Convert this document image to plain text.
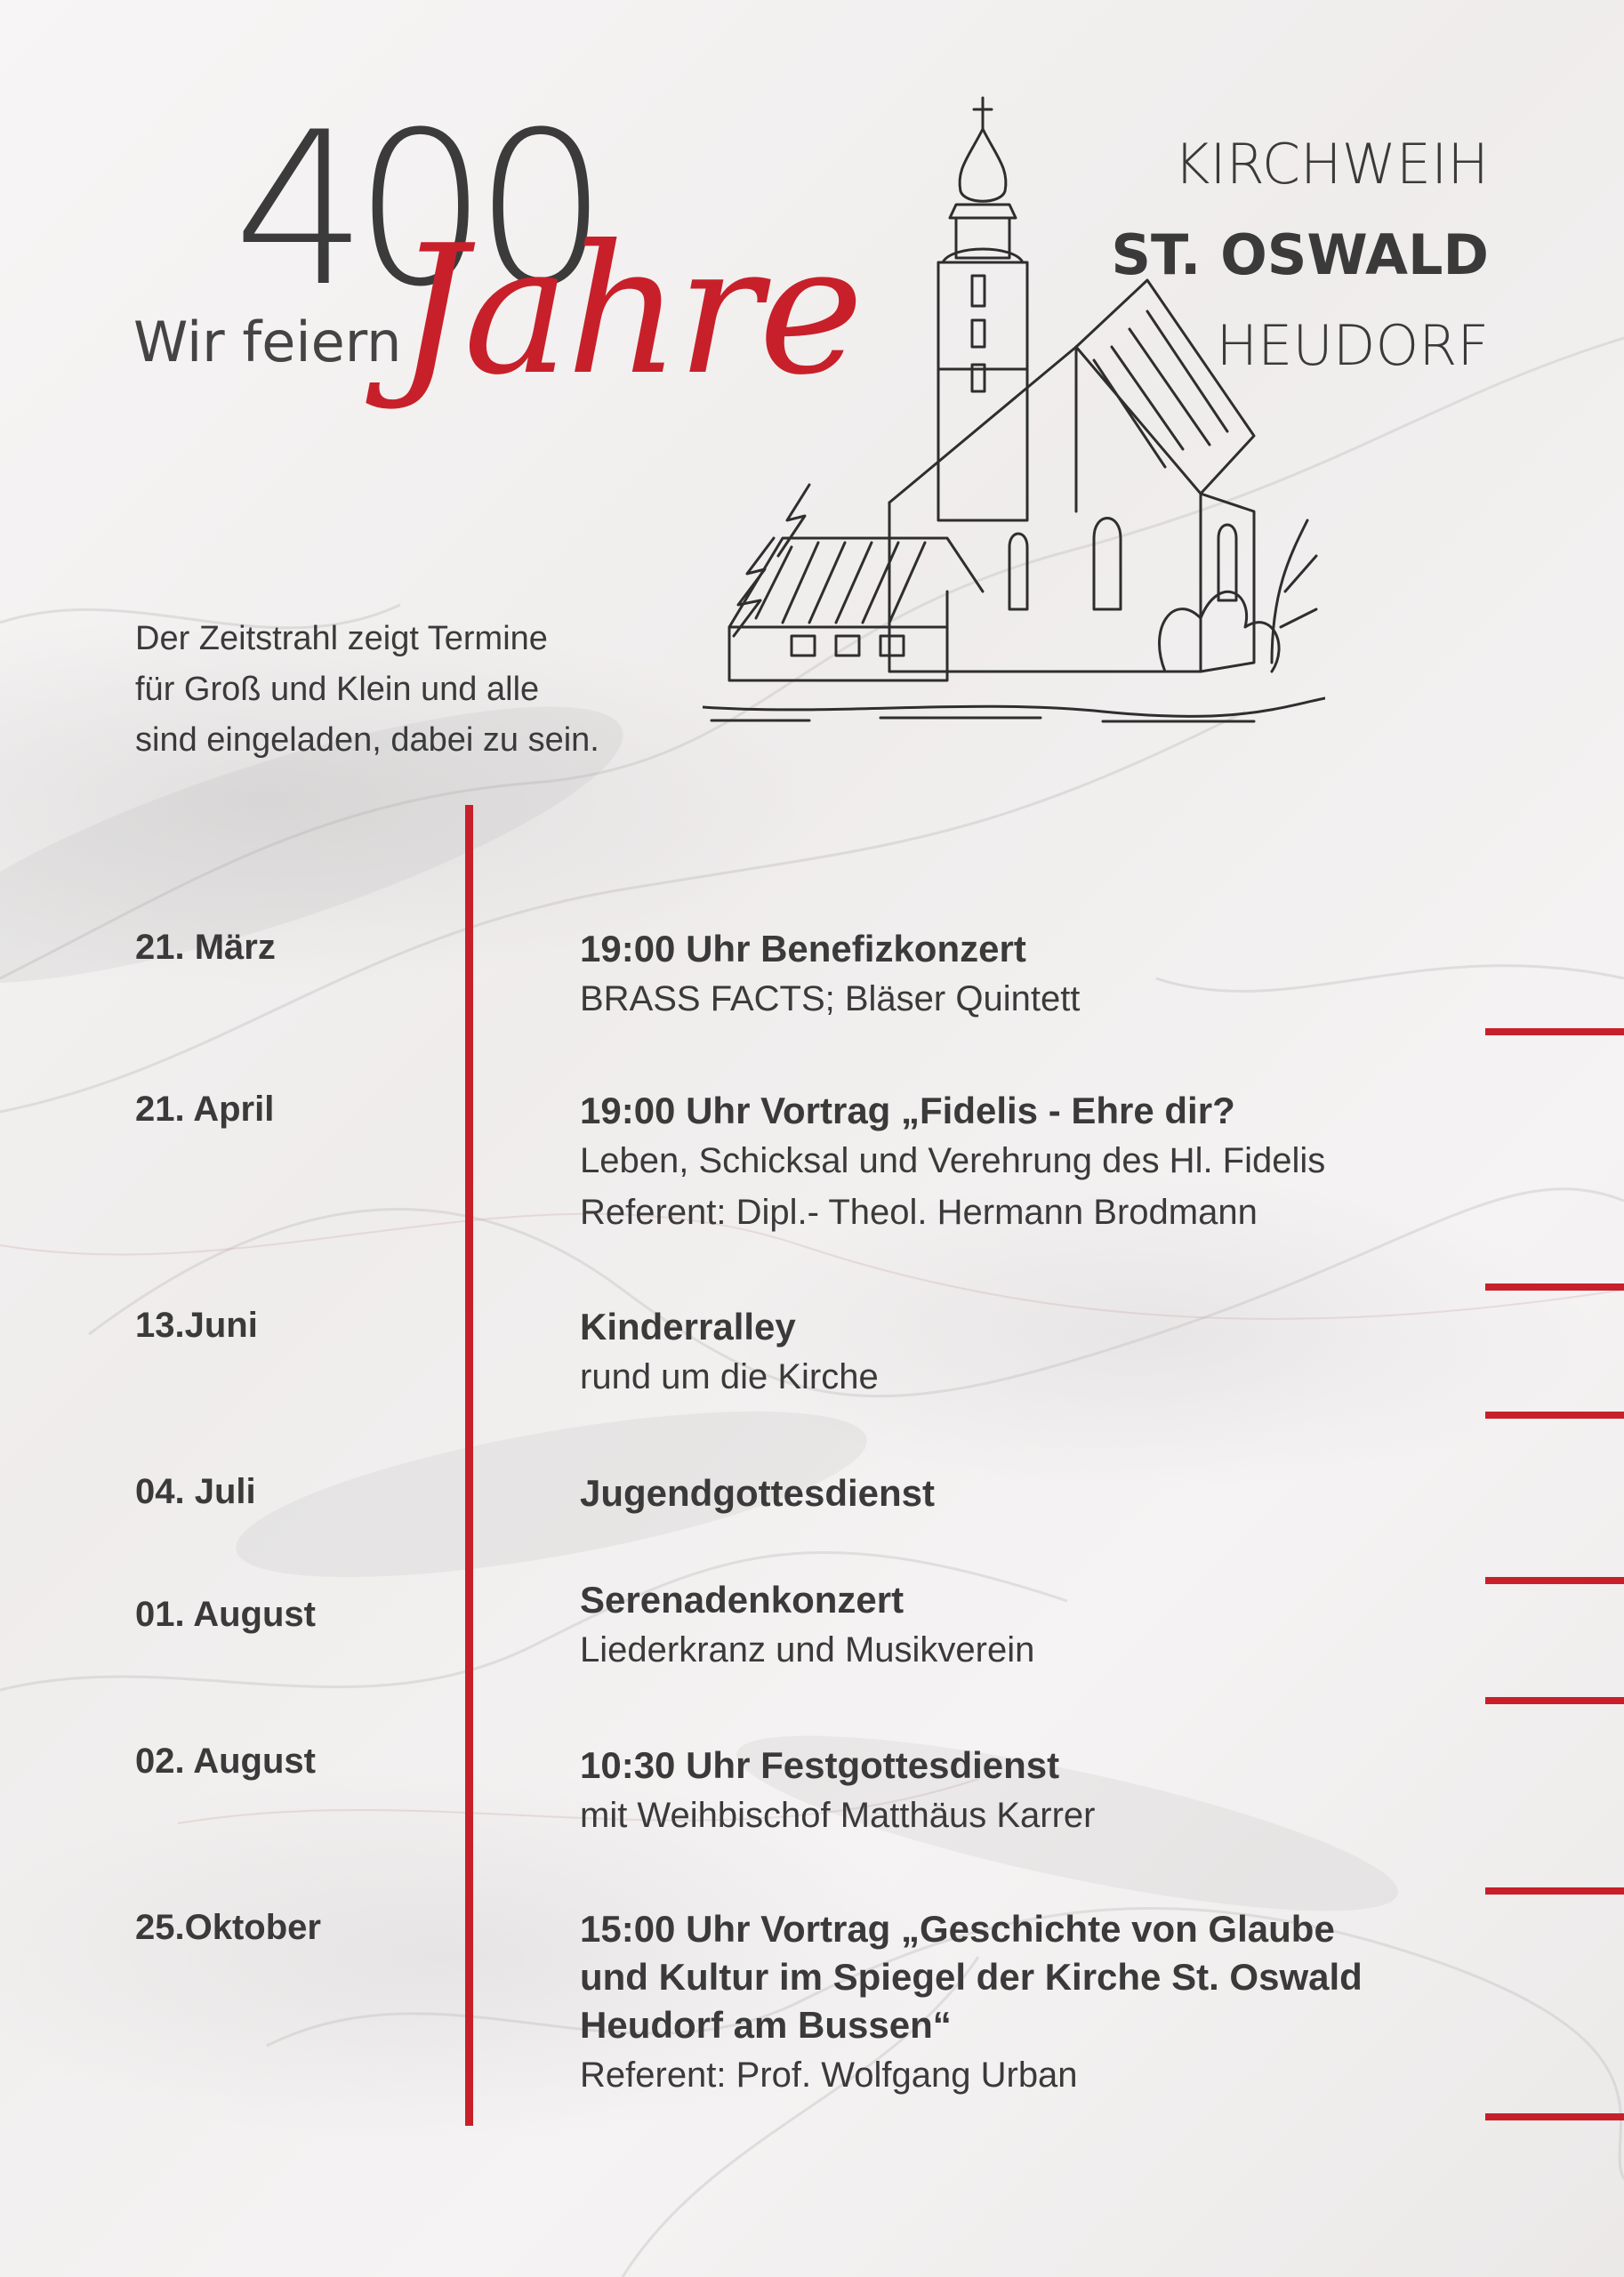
400
Wir feiern
Jahre
KIRCHWEIH
ST. OSWALD
HEUDORF
Der Zeitstrahl zeigt Termine
für Groß und Klein und alle
sind eingeladen, dabei zu sein.
21. März	19:00 Uhr Benefizkonzert
BRASS FACTS; Bläser Quintett
21. April	19:00 Uhr Vortrag „Fidelis - Ehre dir?
Leben, Schicksal und Verehrung des Hl. Fidelis
Referent: Dipl.- Theol. Hermann Brodmann
13.Juni	Kinderralley
rund um die Kirche
04. Juli	Jugendgottesdienst
01. August	Serenadenkonzert
Liederkranz und Musikverein
02. August	10:30 Uhr Festgottesdienst
mit Weihbischof Matthäus Karrer
25.Oktober	15:00 Uhr Vortrag „Geschichte von Glaube
und Kultur im Spiegel der Kirche St. Oswald
Heudorf am Bussen“
Referent: Prof. Wolfgang Urban
